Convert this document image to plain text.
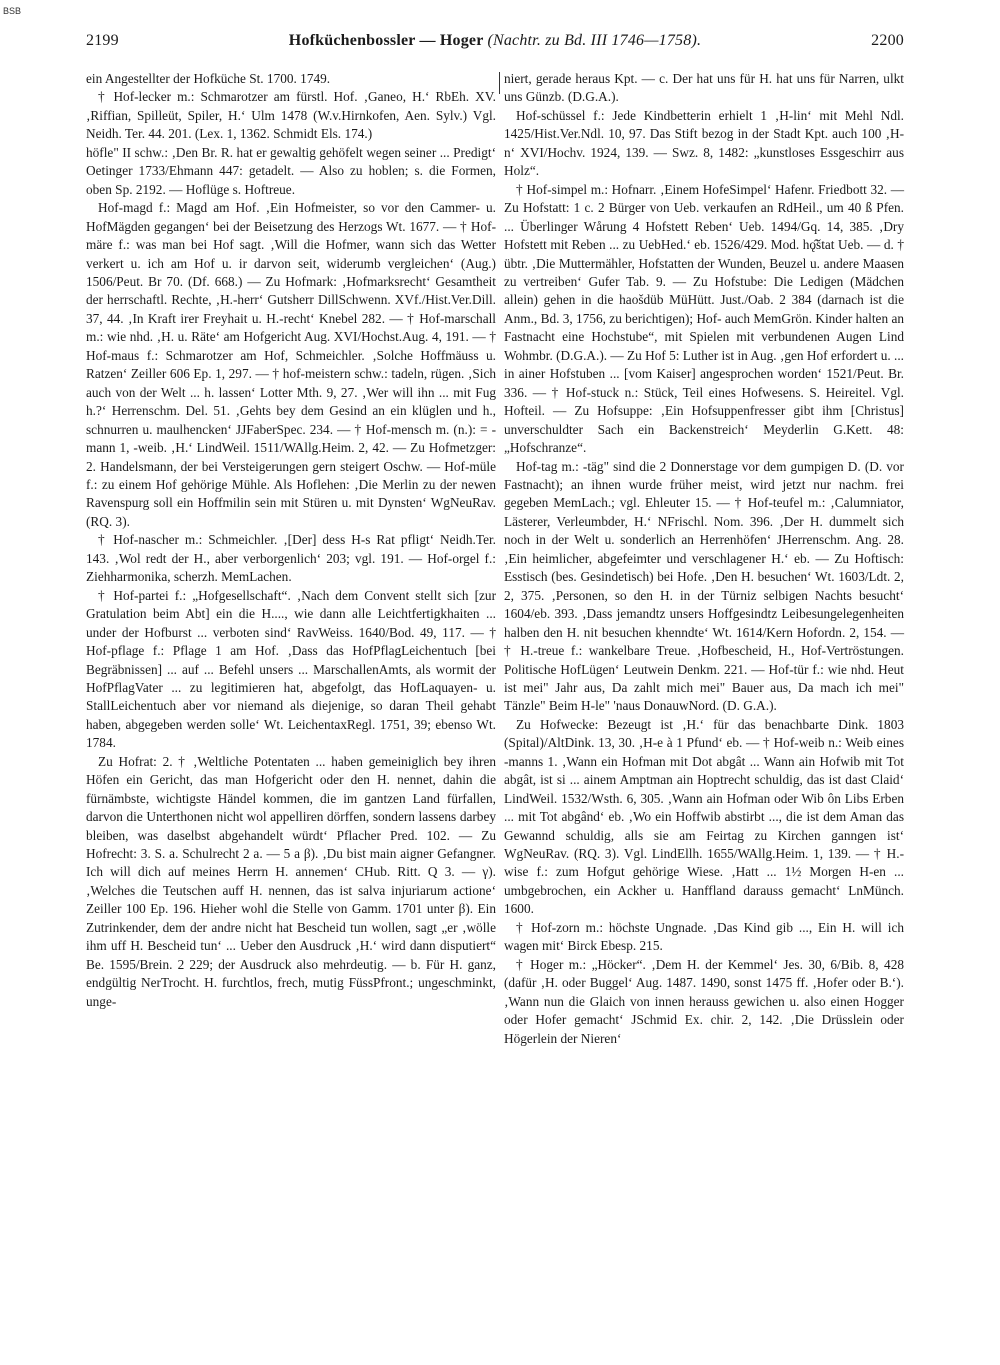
BSB
2199	Hofküchenbossler — Hoger (Nachtr. zu Bd. III 1746—1758).	2200

ein Angestellter der Hofküche St. 1700. 1749.

† Hof-lecker m.: Schmarotzer am fürstl. Hof. ‚Ganeo, H.‘ RbEh. XV. ‚Riffian, Spilleüt, Spiler, H.‘ Ulm 1478 (W.v.Hirnkofen, Aen. Sylv.) Vgl. Neidh. Ter. 44. 201. (Lex. 1, 1362. Schmidt Els. 174.)

höfle" II schw.: ‚Den Br. R. hat er gewaltig gehöfelt wegen seiner ... Predigt‘ Oetinger 1733/Ehmann 447: getadelt. — Also zu hoblen; s. die Formen, oben Sp. 2192. — Hoflüge s. Hoftreue.

Hof-magd f.: Magd am Hof. ‚Ein Hofmeister, so vor den Cammer- u. HofMägden gegangen‘ bei der Beisetzung des Herzogs Wt. 1677. — † Hof-märe f.: was man bei Hof sagt. ‚Will die Hofmer, wann sich das Wetter verkert u. ich am Hof u. ir darvon seit, widerumb vergleichen‘ (Aug.) 1506/Peut. Br 70. (Df. 668.) — Zu Hofmark: ‚Hofmarksrecht‘ Gesamtheit der herrschaftl. Rechte, ‚H.-herr‘ Gutsherr DillSchwenn. XVf./Hist.Ver.Dill. 37, 44. ‚In Kraft irer Freyhait u. H.-recht‘ Knebel 282. — † Hof-marschall m.: wie nhd. ‚H. u. Räte‘ am Hofgericht Aug. XVI/Hochst.Aug. 4, 191. — † Hof-maus f.: Schmarotzer am Hof, Schmeichler. ‚Solche Hoffmäuss u. Ratzen‘ Zeiller 606 Ep. 1, 297. — † hof-meistern schw.: tadeln, rügen. ‚Sich auch von der Welt ... h. lassen‘ Lotter Mth. 9, 27. ‚Wer will ihn ... mit Fug h.?‘ Herrenschm. Del. 51. ‚Gehts bey dem Gesind an ein klüglen und h., schnurren u. maulhencken‘ JJFaberSpec. 234. — † Hof-mensch m. (n.): = -mann 1, -weib. ‚H.‘ LindWeil. 1511/WAllg.Heim. 2, 42. — Zu Hofmetzger: 2. Handelsmann, der bei Versteigerungen gern steigert Oschw. — Hof-müle f.: zu einem Hof gehörige Mühle. Als Hoflehen: ‚Die Merlin zu der newen Ravenspurg soll ein Hoffmilin sein mit Stüren u. mit Dynsten‘ WgNeuRav. (RQ. 3).

† Hof-nascher m.: Schmeichler. ‚[Der] dess H-s Rat pfligt‘ Neidh.Ter. 143. ‚Wol redt der H., aber verborgenlich‘ 203; vgl. 191. — Hof-orgel f.: Ziehharmonika, scherzh. MemLachen.

† Hof-partei f.: „Hofgesellschaft“. ‚Nach dem Convent stellt sich [zur Gratulation beim Abt] ein die H...., wie dann alle Leichtfertigkhaiten ... under der Hofburst ... verboten sind‘ RavWeiss. 1640/Bod. 49, 117. — † Hof-pflage f.: Pflage 1 am Hof. ‚Dass das HofPflagLeichentuch [bei Begräbnissen] ... auf ... Befehl unsers ... MarschallenAmts, als wormit der HofPflagVater ... zu legitimieren hat, abgefolgt, das HofLaquayen- u. StallLeichentuch aber vor niemand als diejenige, so daran Theil gehabt haben, abgegeben werden solle‘ Wt. LeichentaxRegl. 1751, 39; ebenso Wt. 1784.

Zu Hofrat: 2. † ‚Weltliche Potentaten ... haben gemeiniglich bey ihren Höfen ein Gericht, das man Hofgericht oder den H. nennet, dahin die fürnämbste, wichtigste Händel kommen, die im gantzen Land fürfallen, darvon die Unterthonen nicht wol appelliren dörffen, sondern lassens darbey bleiben, was daselbst abgehandelt würdt‘ Pflacher Pred. 102. — Zu Hofrecht: 3. S. a. Schulrecht 2 a. — 5 a β). ‚Du bist main aigner Gefangner. Ich will dich auf meines Herrn H. annemen‘ CHub. Ritt. Q 3. — γ). ‚Welches die Teutschen auff H. nennen, das ist salva injuriarum actione‘ Zeiller 100 Ep. 196. Hieher wohl die Stelle von Gamm. 1701 unter β). Ein Zutrinkender, dem der andre nicht hat Bescheid tun wollen, sagt „er ‚wölle ihm uff H. Bescheid tun‘ ... Ueber den Ausdruck ‚H.‘ wird dann disputiert“ Be. 1595/Brein. 2 229; der Ausdruck also mehrdeutig. — b. Für H. ganz, endgültig NerTrocht. H. furchtlos, frech, mutig FüssPfront.; ungeschminkt, unge-

niert, gerade heraus Kpt. — c. Der hat uns für H. hat uns für Narren, ulkt uns Günzb. (D.G.A.).

Hof-schüssel f.: Jede Kindbetterin erhielt 1 ‚H-lin‘ mit Mehl Ndl. 1425/Hist.Ver.Ndl. 10, 97. Das Stift bezog in der Stadt Kpt. auch 100 ‚H-n‘ XVI/Hochv. 1924, 139. — Swz. 8, 1482: „kunstloses Essgeschirr aus Holz“.

† Hof-simpel m.: Hofnarr. ‚Einem HofeSimpel‘ Hafenr. Friedbott 32. — Zu Hofstatt: 1 c. 2 Bürger von Ueb. verkaufen an RdHeil., um 40 ß Pfen. ... Überlinger Wårung 4 Hofstett Reben‘ Ueb. 1494/Gq. 14, 385. ‚Dry Hofstett mit Reben ... zu UebHed.‘ eb. 1526/429. Mod. hǫ̂štat Ueb. — d. † übtr. ‚Die Muttermähler, Hofstatten der Wunden, Beuzel u. andere Maasen zu vertreiben‘ Gufer Tab. 9. — Zu Hofstube: Die Ledigen (Mädchen allein) gehen in die haošdüb MüHütt. Just./Oab. 2 384 (darnach ist die Anm., Bd. 3, 1756, zu berichtigen); Hof- auch MemGrön. Kinder halten an Fastnacht eine Hochstube“, mit Spielen mit verbundenen Augen Lind Wohmbr. (D.G.A.). — Zu Hof 5: Luther ist in Aug. ‚gen Hof erfordert u. ... in ainer Hofstuben ... [vom Kaiser] angesprochen worden‘ 1521/Peut. Br. 336. — † Hof-stuck n.: Stück, Teil eines Hofwesens. S. Heireitel. Vgl. Hofteil. — Zu Hofsuppe: ‚Ein Hofsuppenfresser gibt ihm [Christus] unverschuldter Sach ein Backenstreich‘ Meyderlin G.Kett. 48: „Hofschranze“.

Hof-tag m.: -täg" sind die 2 Donnerstage vor dem gumpigen D. (D. vor Fastnacht); an ihnen wurde früher meist, wird jetzt nur nachm. frei gegeben MemLach.; vgl. Ehleuter 15. — † Hof-teufel m.: ‚Calumniator, Lästerer, Verleumbder, H.‘ NFrischl. Nom. 396. ‚Der H. dummelt sich noch in der Welt u. sonderlich an Herrenhöfen‘ JHerrenschm. Ang. 28. ‚Ein heimlicher, abgefeimter und verschlagener H.‘ eb. — Zu Hoftisch: Esstisch (bes. Gesindetisch) bei Hofe. ‚Den H. besuchen‘ Wt. 1603/Ldt. 2, 2, 375. ‚Personen, so den H. in der Türniz selbigen Nachts besucht‘ 1604/eb. 393. ‚Dass jemandtz unsers Hoffgesindtz Leibesungelegenheiten halben den H. nit besuchen khenndte‘ Wt. 1614/Kern Hofordn. 2, 154. — † H.-treue f.: wankelbare Treue. ‚Hofbescheid, H., Hof-Vertröstungen. Politische HofLügen‘ Leutwein Denkm. 221. — Hof-tür f.: wie nhd. Heut ist mei" Jahr aus, Da zahlt mich mei" Bauer aus, Da mach ich mei" Tänzle" Beim H-le" 'naus DonauwNord. (D. G.A.).

Zu Hofwecke: Bezeugt ist ‚H.‘ für das benachbarte Dink. 1803 (Spital)/AltDink. 13, 30. ‚H-e à 1 Pfund‘ eb. — † Hof-weib n.: Weib eines -manns 1. ‚Wann ein Hofman mit Dot abgât ... Wann ain Hofwib mit Tot abgât, ist si ... ainem Amptman ain Hoptrecht schuldig, das ist dast Claid‘ LindWeil. 1532/Wsth. 6, 305. ‚Wann ain Hofman oder Wib ôn Libs Erben ... mit Tot abgând‘ eb. ‚Wo ein Hoffwib abstirbt ..., die ist dem Aman das Gewannd schuldig, alls sie am Feirtag zu Kirchen ganngen ist‘ WgNeuRav. (RQ. 3). Vgl. LindEllh. 1655/WAllg.Heim. 1, 139. — † H.-wise f.: zum Hofgut gehörige Wiese. ‚Hatt ... 1½ Morgen H-en ... umbgebrochen, ein Ackher u. Hanffland darauss gemacht‘ LnMünch. 1600.

† Hof-zorn m.: höchste Ungnade. ‚Das Kind gib ..., Ein H. will ich wagen mit‘ Birck Ebesp. 215.

† Hoger m.: „Höcker“. ‚Dem H. der Kemmel‘ Jes. 30, 6/Bib. 8, 428 (dafür ‚H. oder Buggel‘ Aug. 1487. 1490, sonst 1475 ff. ‚Hofer oder B.‘). ‚Wann nun die Glaich von innen herauss gewichen u. also einen Hogger oder Hofer gemacht‘ JSchmid Ex. chir. 2, 142. ‚Die Drüsslein oder Högerlein der Nieren‘
